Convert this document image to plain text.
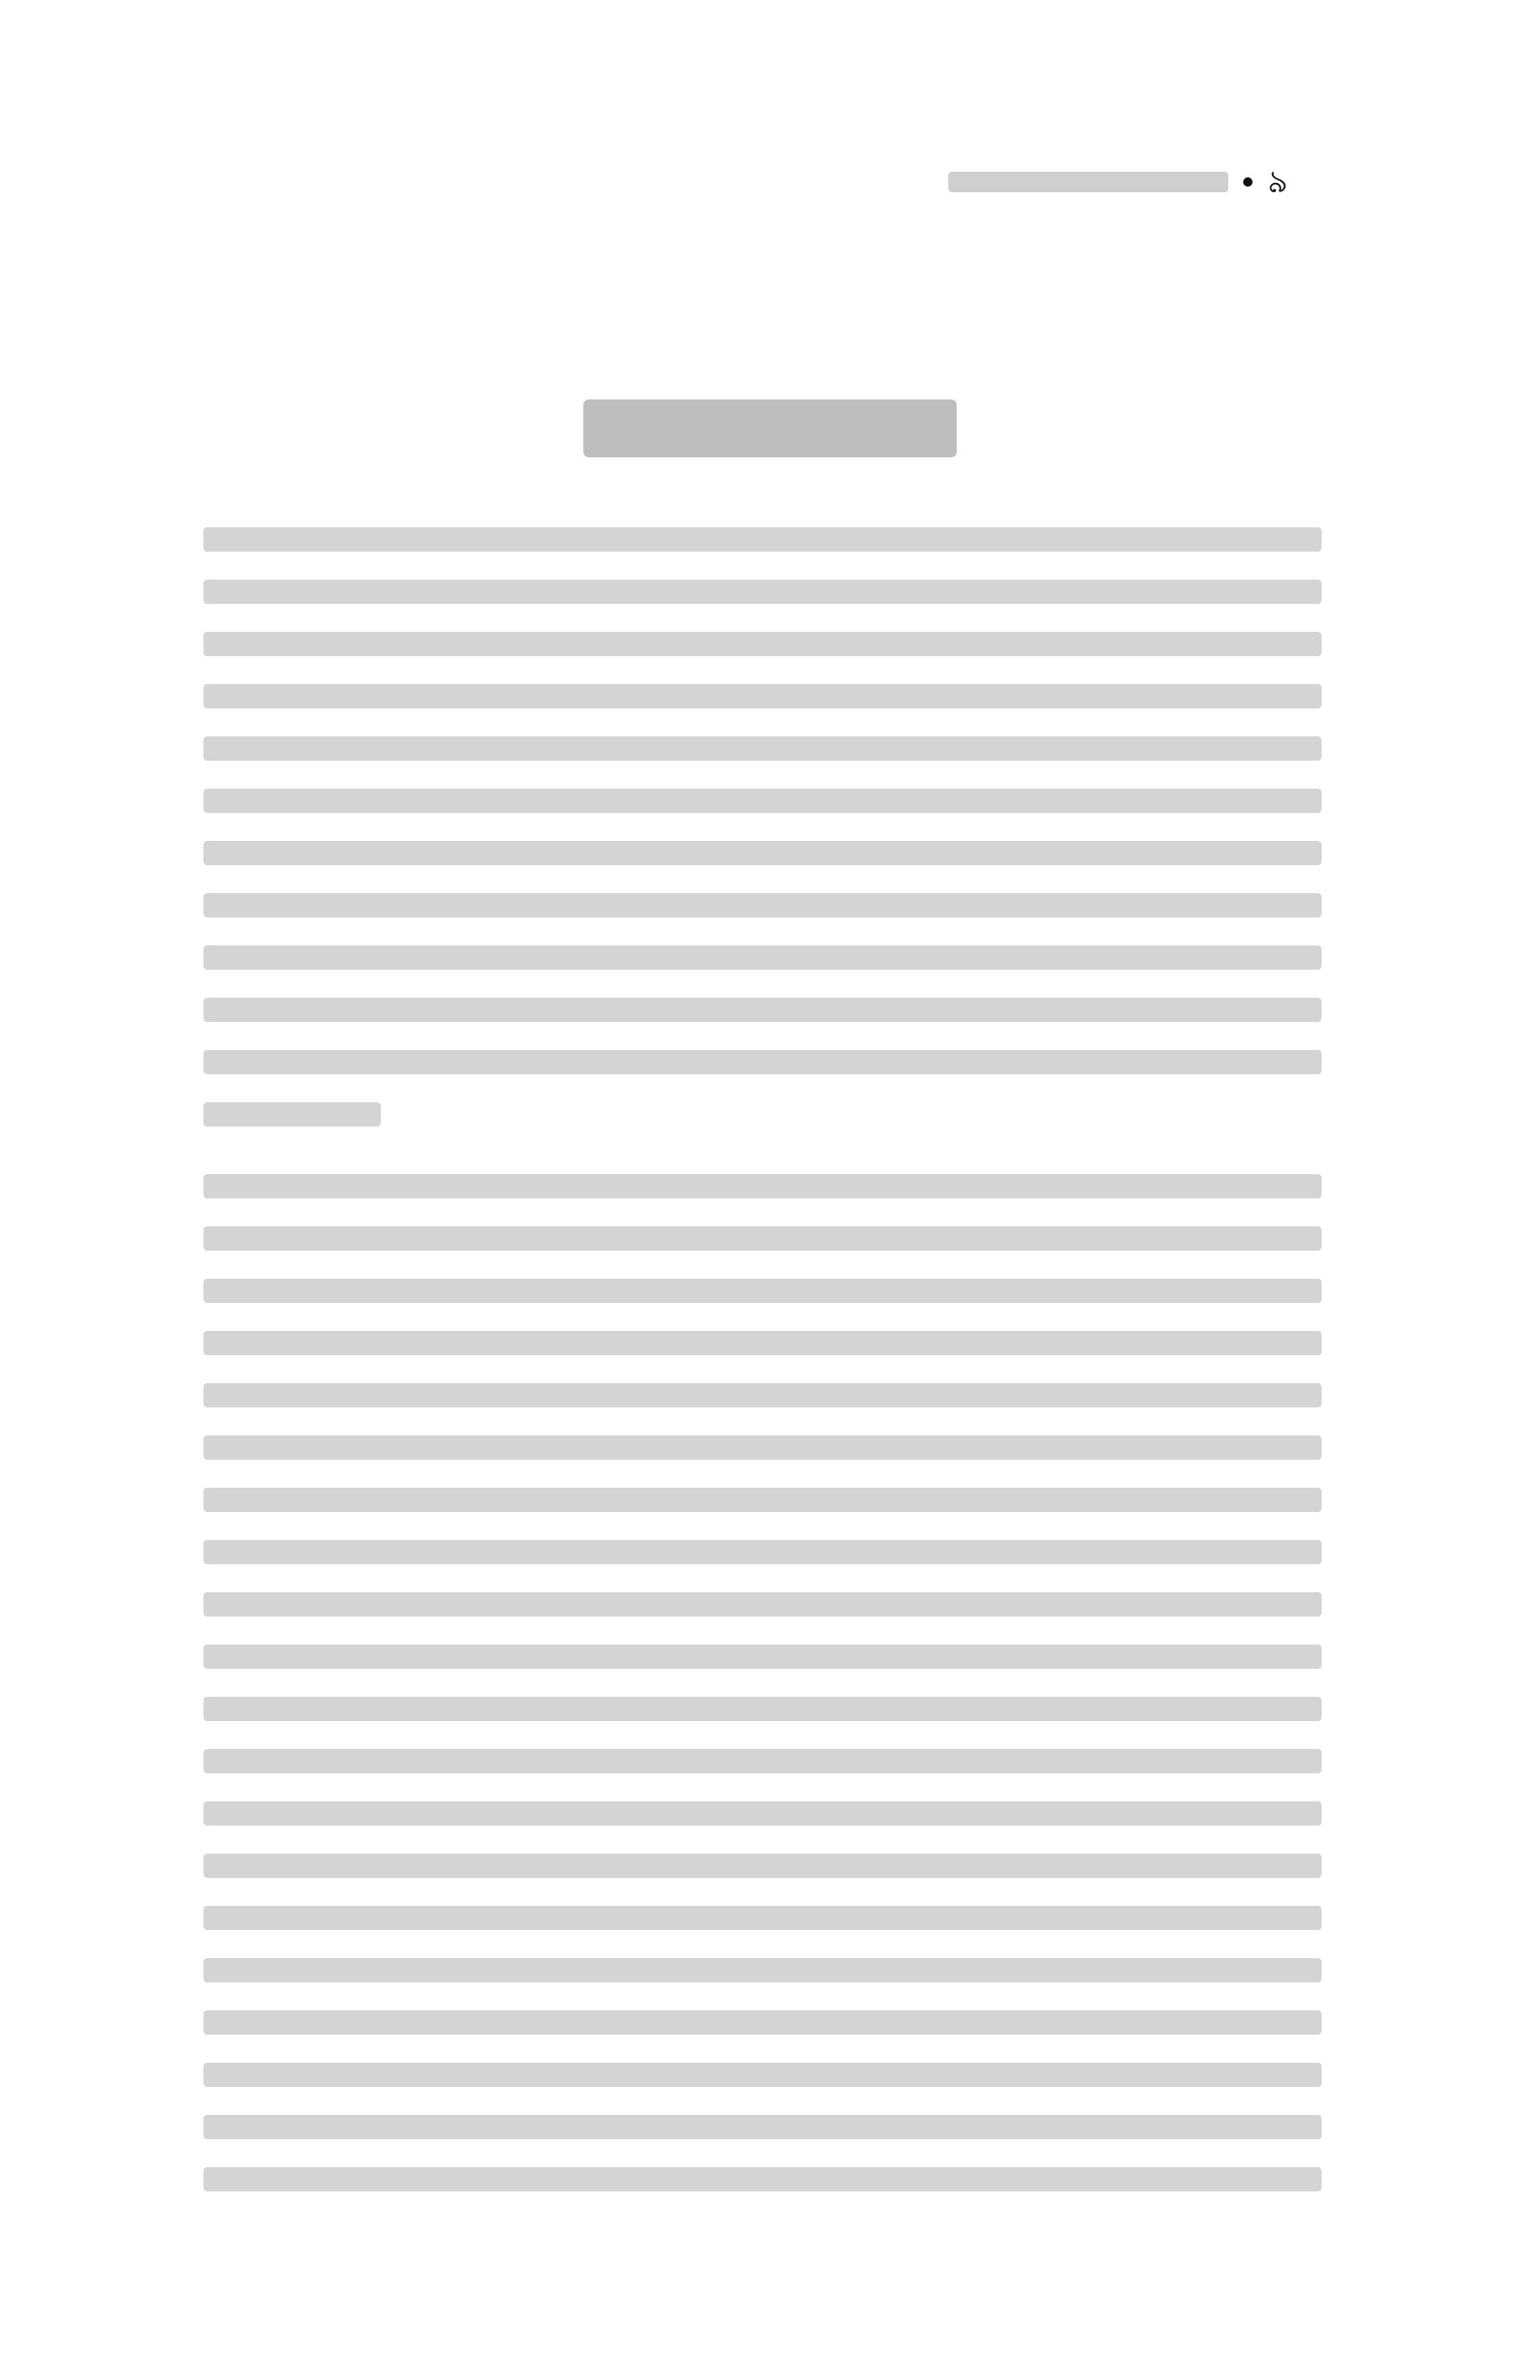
৯
